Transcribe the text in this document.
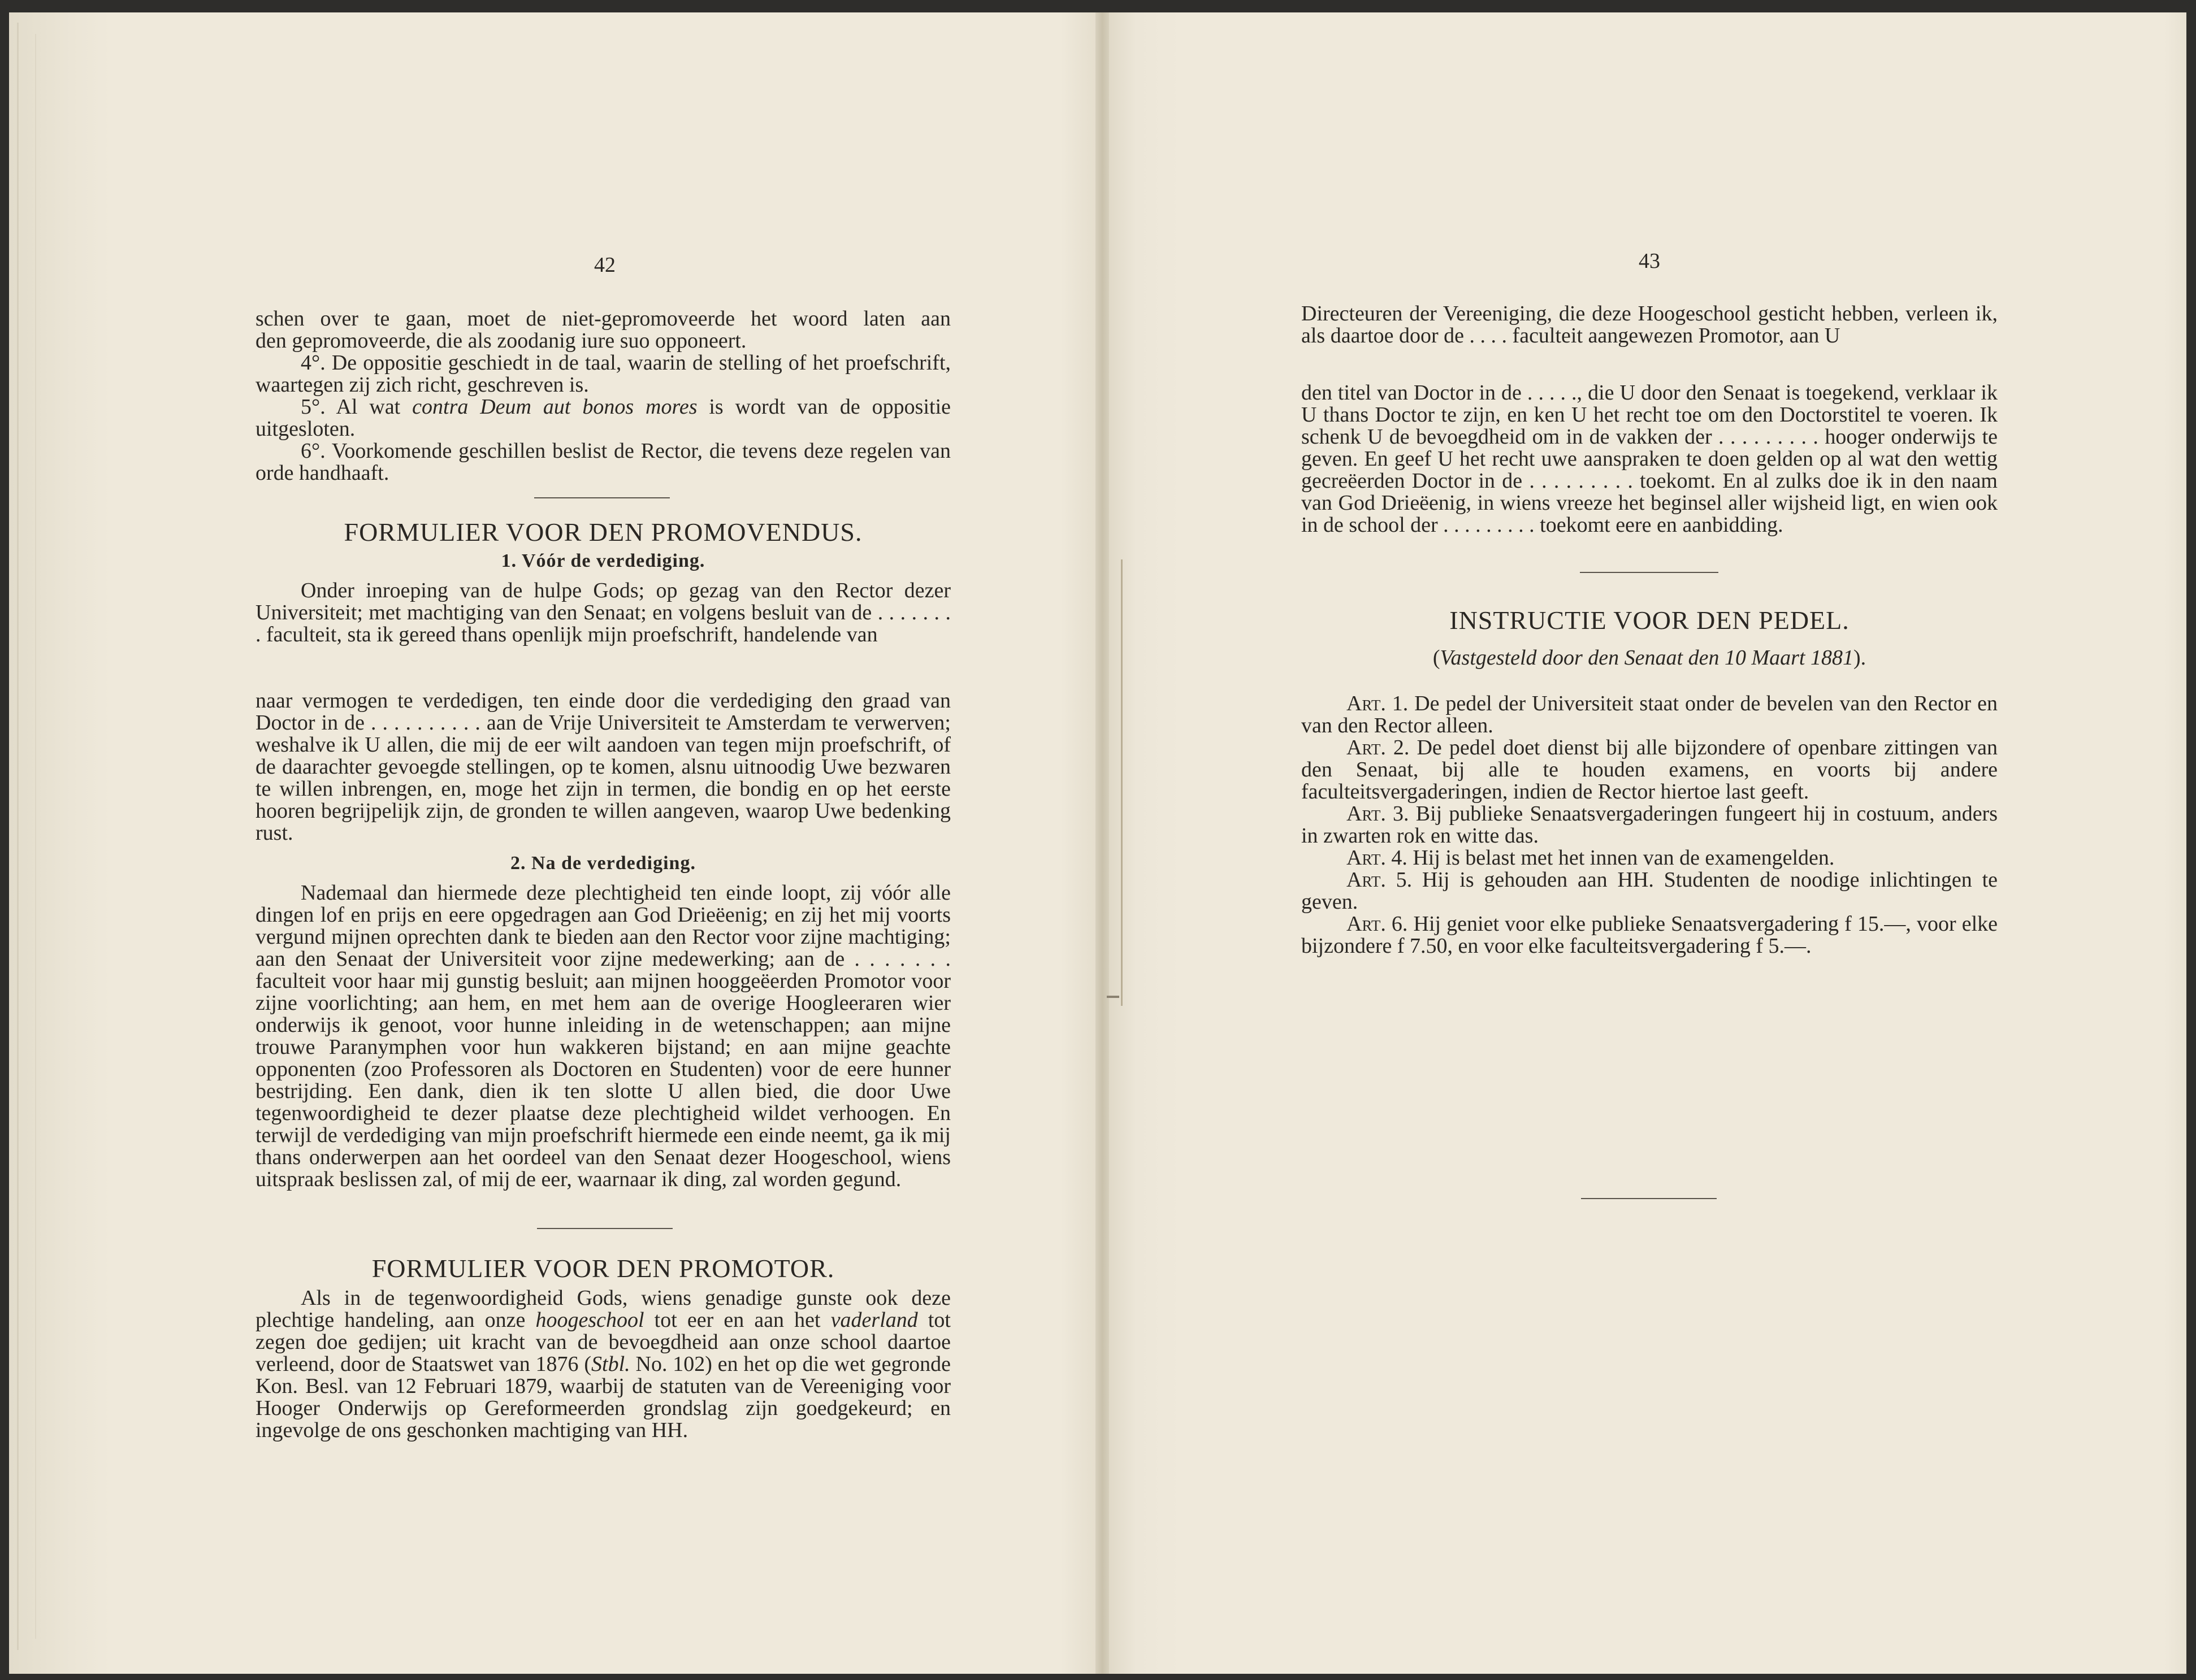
42

schen over te gaan, moet de niet-gepromoveerde het woord laten aan

den gepromoveerde, die als zoodanig iure suo opponeert.

4°. De oppositie geschiedt in de taal, waarin de stelling of het proefschrift, waartegen zij zich richt, geschreven is.

5°. Al wat contra Deum aut bonos mores is wordt van de oppositie uitgesloten.

6°. Voorkomende geschillen beslist de Rector, die tevens deze regelen van orde handhaaft.

FORMULIER VOOR DEN PROMOVENDUS.

1. Vóór de verdediging.

Onder inroeping van de hulpe Gods; op gezag van den Rector dezer Universiteit; met machtiging van den Senaat; en volgens besluit van de . . . . . . . . faculteit, sta ik gereed thans openlijk mijn proefschrift, handelende van

naar vermogen te verdedigen, ten einde door die verdediging den graad van Doctor in de . . . . . . . . . . aan de Vrije Universiteit te Amsterdam te verwerven; weshalve ik U allen, die mij de eer wilt aandoen van tegen mijn proefschrift, of de daarachter gevoegde stellingen, op te komen, alsnu uitnoodig Uwe bezwaren te willen inbrengen, en, moge het zijn in termen, die bondig en op het eerste hooren begrijpelijk zijn, de gronden te willen aangeven, waarop Uwe bedenking rust.

2. Na de verdediging.

Nademaal dan hiermede deze plechtigheid ten einde loopt, zij vóór alle dingen lof en prijs en eere opgedragen aan God Drieëenig; en zij het mij voorts vergund mijnen oprechten dank te bieden aan den Rector voor zijne machtiging; aan den Senaat der Universiteit voor zijne medewerking; aan de . . . . . . . faculteit voor haar mij gunstig besluit; aan mijnen hooggeëerden Promotor voor zijne voorlichting; aan hem, en met hem aan de overige Hoogleeraren wier onderwijs ik genoot, voor hunne inleiding in de wetenschappen; aan mijne trouwe Paranymphen voor hun wakkeren bijstand; en aan mijne geachte opponenten (zoo Professoren als Doctoren en Studenten) voor de eere hunner bestrijding. Een dank, dien ik ten slotte U allen bied, die door Uwe tegenwoordigheid te dezer plaatse deze plechtigheid wildet verhoogen. En terwijl de verdediging van mijn proefschrift hiermede een einde neemt, ga ik mij thans onderwerpen aan het oordeel van den Senaat dezer Hoogeschool, wiens uitspraak beslissen zal, of mij de eer, waarnaar ik ding, zal worden gegund.

FORMULIER VOOR DEN PROMOTOR.

Als in de tegenwoordigheid Gods, wiens genadige gunste ook deze plechtige handeling, aan onze hoogeschool tot eer en aan het vaderland tot zegen doe gedijen; uit kracht van de bevoegdheid aan onze school daartoe verleend, door de Staatswet van 1876 (Stbl. No. 102) en het op die wet gegronde Kon. Besl. van 12 Februari 1879, waarbij de statuten van de Vereeniging voor Hooger Onderwijs op Gereformeerden grondslag zijn goedgekeurd; en ingevolge de ons geschonken machtiging van HH.

43

Directeuren der Vereeniging, die deze Hoogeschool gesticht hebben, verleen ik, als daartoe door de . . . . faculteit aangewezen Promotor, aan U

den titel van Doctor in de . . . . ., die U door den Senaat is toegekend, verklaar ik U thans Doctor te zijn, en ken U het recht toe om den Doctorstitel te voeren. Ik schenk U de bevoegdheid om in de vakken der . . . . . . . . . hooger onderwijs te geven. En geef U het recht uwe aanspraken te doen gelden op al wat den wettig gecreëerden Doctor in de . . . . . . . . . toekomt. En al zulks doe ik in den naam van God Drieëenig, in wiens vreeze het beginsel aller wijsheid ligt, en wien ook in de school der . . . . . . . . . toekomt eere en aanbidding.

INSTRUCTIE VOOR DEN PEDEL.

(Vastgesteld door den Senaat den 10 Maart 1881).

Art. 1. De pedel der Universiteit staat onder de bevelen van den Rector en van den Rector alleen.

Art. 2. De pedel doet dienst bij alle bijzondere of openbare zittingen van den Senaat, bij alle te houden examens, en voorts bij andere faculteitsvergaderingen, indien de Rector hiertoe last geeft.

Art. 3. Bij publieke Senaatsvergaderingen fungeert hij in costuum, anders in zwarten rok en witte das.

Art. 4. Hij is belast met het innen van de examengelden.

Art. 5. Hij is gehouden aan HH. Studenten de noodige inlichtingen te geven.

Art. 6. Hij geniet voor elke publieke Senaatsvergadering f 15.—, voor elke bijzondere f 7.50, en voor elke faculteitsvergadering f 5.—.
